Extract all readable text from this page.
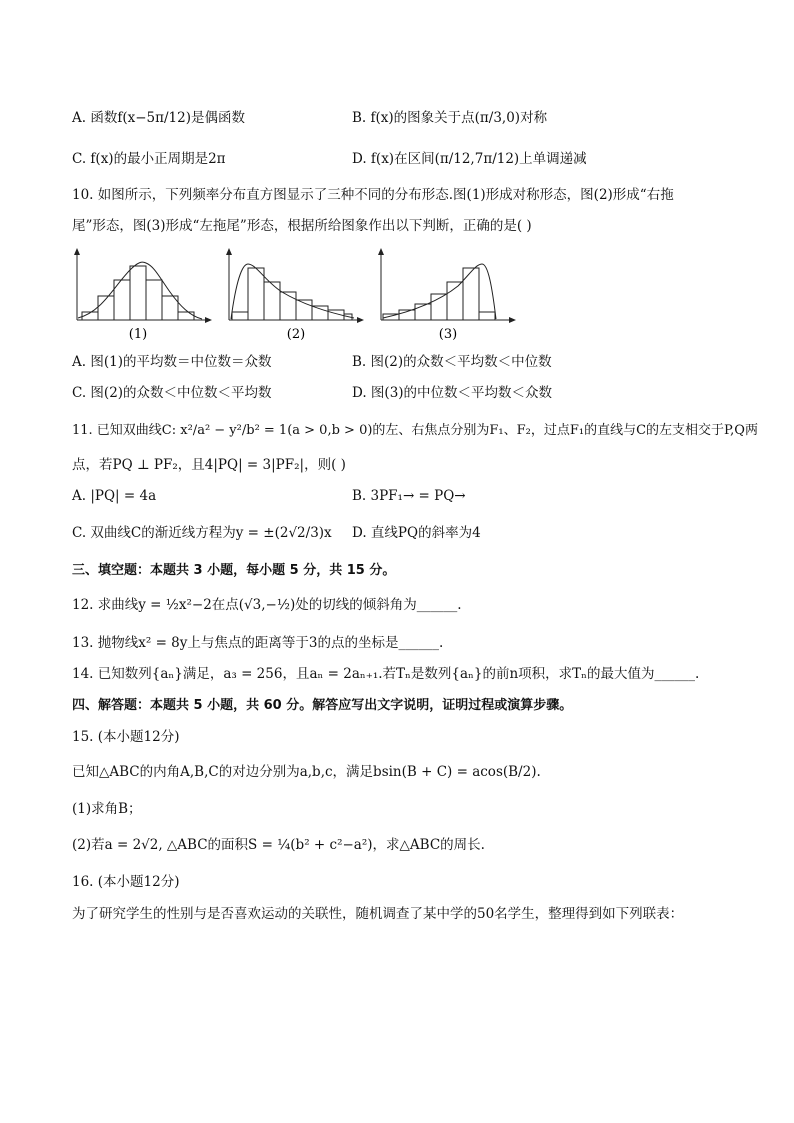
A. 函数f(x−5π/12)是偶函数	B. f(x)的图象关于点(π/3,0)对称
C. f(x)的最小正周期是2π	D. f(x)在区间(π/12,7π/12)上单调递减
10. 如图所示，下列频率分布直方图显示了三种不同的分布形态.图(1)形成对称形态，图(2)形成“右拖
尾”形态，图(3)形成“左拖尾”形态，根据所给图象作出以下判断，正确的是( )
(1)	(2)	(3)
A. 图(1)的平均数＝中位数＝众数	B. 图(2)的众数＜平均数＜中位数
C. 图(2)的众数＜中位数＜平均数	D. 图(3)的中位数＜平均数＜众数
11. 已知双曲线C: x²/a² − y²/b² = 1(a > 0,b > 0)的左、右焦点分别为F₁、F₂，过点F₁的直线与C的左支相交于P,Q两
点，若PQ ⊥ PF₂，且4|PQ| = 3|PF₂|，则( )
A. |PQ| = 4a	B. 3PF₁→ = PQ→
C. 双曲线C的渐近线方程为y = ±(2√2/3)x D. 直线PQ的斜率为4
三、填空题：本题共 3 小题，每小题 5 分，共 15 分。
12. 求曲线y = ½x²−2在点(√3,−½)处的切线的倾斜角为______.
13. 抛物线x² = 8y上与焦点的距离等于3的点的坐标是______.
14. 已知数列{aₙ}满足，a₃ = 256，且aₙ = 2aₙ₊₁.若Tₙ是数列{aₙ}的前n项积，求Tₙ的最大值为______.
四、解答题：本题共 5 小题，共 60 分。解答应写出文字说明，证明过程或演算步骤。
15. (本小题12分)
已知△ABC的内角A,B,C的对边分别为a,b,c，满足bsin(B + C) = acos(B/2).
(1)求角B；
(2)若a = 2√2, △ABC的面积S = ¼(b² + c²−a²)，求△ABC的周长.
16. (本小题12分)
为了研究学生的性别与是否喜欢运动的关联性，随机调查了某中学的50名学生，整理得到如下列联表：
